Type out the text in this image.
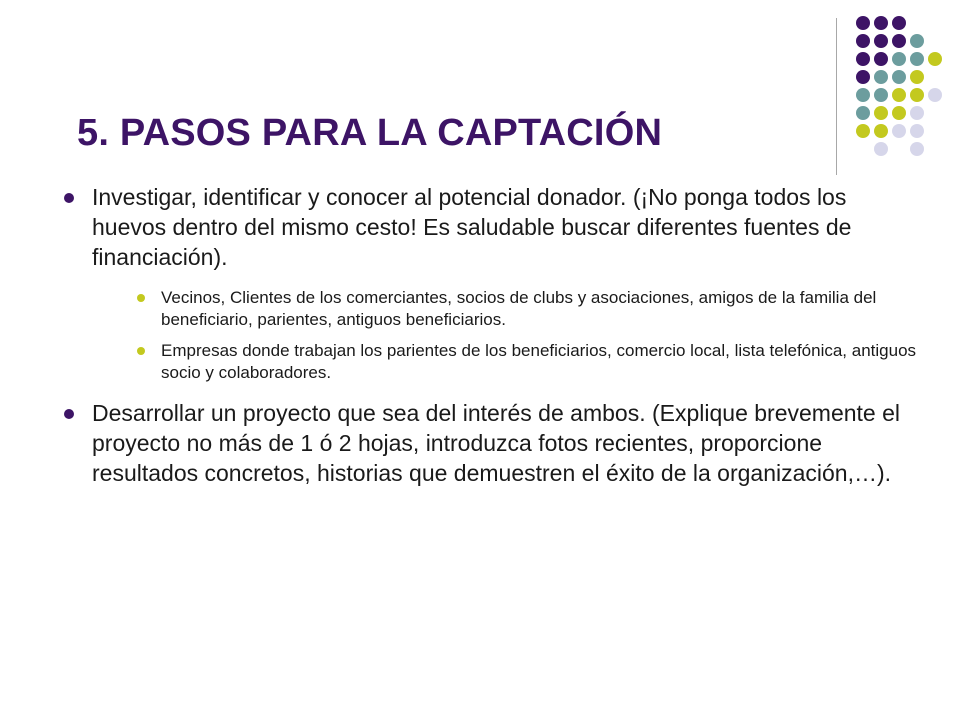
5. PASOS PARA LA CAPTACIÓN

Investigar, identificar y conocer al potencial donador. (¡No ponga todos los huevos dentro del mismo cesto! Es saludable buscar diferentes fuentes de financiación).

Vecinos, Clientes de los comerciantes, socios de clubs y asociaciones, amigos de la familia del beneficiario, parientes, antiguos beneficiarios.

Empresas donde trabajan los parientes de los beneficiarios, comercio local, lista telefónica, antiguos socio y colaboradores.

Desarrollar un proyecto que sea del interés de ambos. (Explique brevemente el proyecto no más de 1 ó 2 hojas, introduzca fotos recientes, proporcione resultados concretos, historias que demuestren el éxito de la organización,…).
